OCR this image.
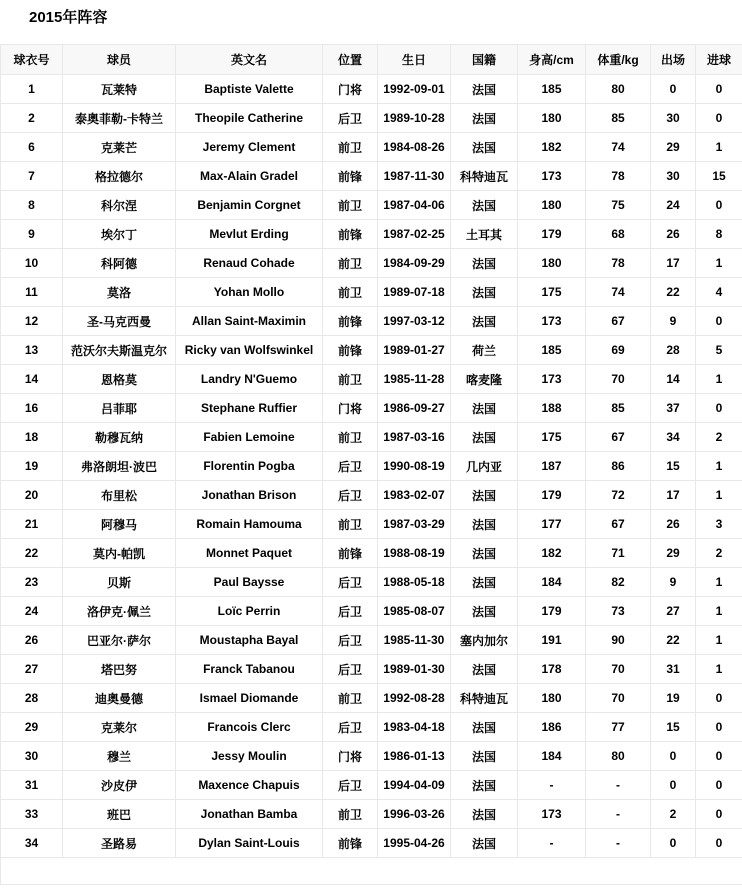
2015年阵容
球衣号	球员	英文名	位置	生日	国籍	身高/cm	体重/kg	出场	进球
1	瓦莱特	Baptiste Valette	门将	1992-09-01	法国	185	80	0	0
2	泰奥菲勒-卡特兰	Theopile Catherine	后卫	1989-10-28	法国	180	85	30	0
6	克莱芒	Jeremy Clement	前卫	1984-08-26	法国	182	74	29	1
7	格拉德尔	Max-Alain Gradel	前锋	1987-11-30	科特迪瓦	173	78	30	15
8	科尔涅	Benjamin Corgnet	前卫	1987-04-06	法国	180	75	24	0
9	埃尔丁	Mevlut Erding	前锋	1987-02-25	土耳其	179	68	26	8
10	科阿德	Renaud Cohade	前卫	1984-09-29	法国	180	78	17	1
11	莫洛	Yohan Mollo	前卫	1989-07-18	法国	175	74	22	4
12	圣-马克西曼	Allan Saint-Maximin	前锋	1997-03-12	法国	173	67	9	0
13	范沃尔夫斯温克尔	Ricky van Wolfswinkel	前锋	1989-01-27	荷兰	185	69	28	5
14	恩格莫	Landry N'Guemo	前卫	1985-11-28	喀麦隆	173	70	14	1
16	吕菲耶	Stephane Ruffier	门将	1986-09-27	法国	188	85	37	0
18	勒穆瓦纳	Fabien Lemoine	前卫	1987-03-16	法国	175	67	34	2
19	弗洛朗坦·波巴	Florentin Pogba	后卫	1990-08-19	几内亚	187	86	15	1
20	布里松	Jonathan Brison	后卫	1983-02-07	法国	179	72	17	1
21	阿穆马	Romain Hamouma	前卫	1987-03-29	法国	177	67	26	3
22	莫内-帕凯	Monnet Paquet	前锋	1988-08-19	法国	182	71	29	2
23	贝斯	Paul Baysse	后卫	1988-05-18	法国	184	82	9	1
24	洛伊克·佩兰	Loïc Perrin	后卫	1985-08-07	法国	179	73	27	1
26	巴亚尔·萨尔	Moustapha Bayal	后卫	1985-11-30	塞内加尔	191	90	22	1
27	塔巴努	Franck Tabanou	后卫	1989-01-30	法国	178	70	31	1
28	迪奥曼德	Ismael Diomande	前卫	1992-08-28	科特迪瓦	180	70	19	0
29	克莱尔	Francois Clerc	后卫	1983-04-18	法国	186	77	15	0
30	穆兰	Jessy Moulin	门将	1986-01-13	法国	184	80	0	0
31	沙皮伊	Maxence Chapuis	后卫	1994-04-09	法国	-	-	0	0
33	班巴	Jonathan Bamba	前卫	1996-03-26	法国	173	-	2	0
34	圣路易	Dylan Saint-Louis	前锋	1995-04-26	法国	-	-	0	0
